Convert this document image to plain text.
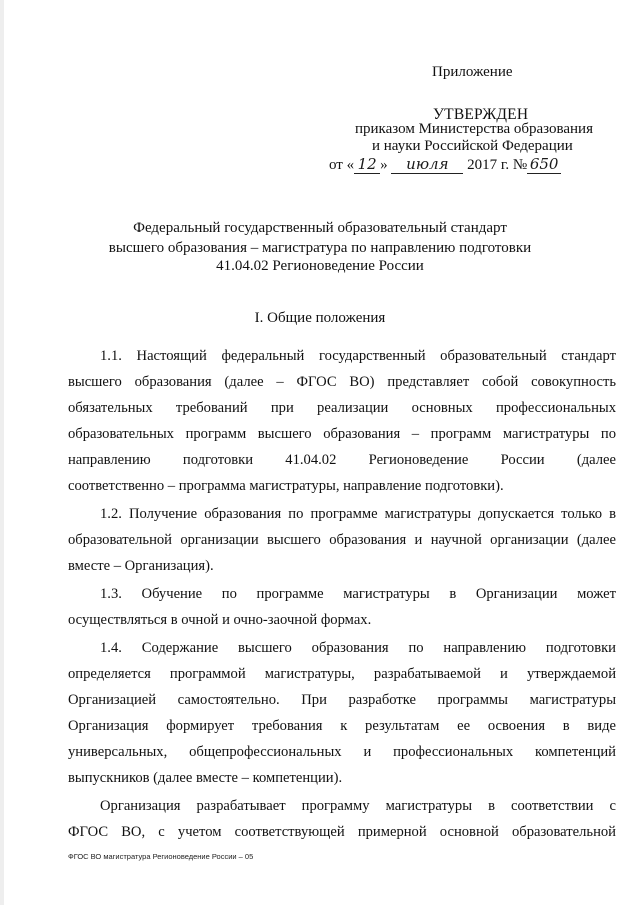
Приложение
УТВЕРЖДЕН
приказом Министерства образования
и науки Российской Федерации
от « 12 » июля 2017 г. № 650
Федеральный государственный образовательный стандарт
высшего образования – магистратура по направлению подготовки
41.04.02 Регионоведение России
I. Общие положения
1.1. Настоящий федеральный государственный образовательный стандарт
высшего образования (далее – ФГОС ВО) представляет собой совокупность
обязательных требований при реализации основных профессиональных
образовательных программ высшего образования – программ магистратуры по
направлению подготовки 41.04.02 Регионоведение России (далее
соответственно – программа магистратуры, направление подготовки).
1.2. Получение образования по программе магистратуры допускается только в
образовательной организации высшего образования и научной организации (далее
вместе – Организация).
1.3. Обучение по программе магистратуры в Организации может
осуществляться в очной и очно-заочной формах.
1.4. Содержание высшего образования по направлению подготовки
определяется программой магистратуры, разрабатываемой и утверждаемой
Организацией самостоятельно. При разработке программы магистратуры
Организация формирует требования к результатам ее освоения в виде
универсальных, общепрофессиональных и профессиональных компетенций
выпускников (далее вместе – компетенции).
Организация разрабатывает программу магистратуры в соответствии с
ФГОС ВО, с учетом соответствующей примерной основной образовательной
ФГОС ВО магистратура Регионоведение России – 05
